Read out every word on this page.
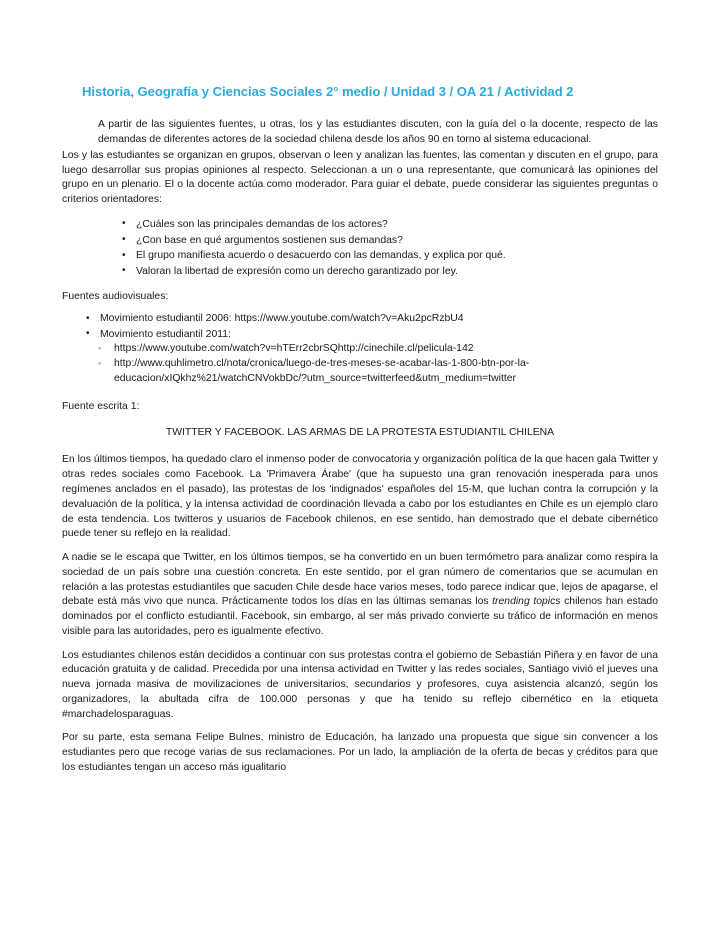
Historia, Geografía y Ciencias Sociales 2° medio / Unidad 3 / OA 21 / Actividad 2
A partir de las siguientes fuentes, u otras, los y las estudiantes discuten, con la guía del o la docente, respecto de las demandas de diferentes actores de la sociedad chilena desde los años 90 en torno al sistema educacional.

Los y las estudiantes se organizan en grupos, observan o leen y analizan las fuentes, las comentan y discuten en el grupo, para luego desarrollar sus propias opiniones al respecto. Seleccionan a un o una representante, que comunicará las opiniones del grupo en un plenario. El o la docente actúa como moderador. Para guiar el debate, puede considerar las siguientes preguntas o criterios orientadores:

• ¿Cuáles son las principales demandas de los actores?
• ¿Con base en qué argumentos sostienen sus demandas?
• El grupo manifiesta acuerdo o desacuerdo con las demandas, y explica por qué.
• Valoran la libertad de expresión como un derecho garantizado por ley.
Fuentes audiovisuales:
• Movimiento estudiantil 2006: https://www.youtube.com/watch?v=Aku2pcRzbU4
• Movimiento estudiantil 2011:
◦ https://www.youtube.com/watch?v=hTErr2cbrSQhttp://cinechile.cl/pelicula-142
◦ http://www.quhlimetro.cl/nota/cronica/luego-de-tres-meses-se-acabar-las-1-800-btn-por-la-educacion/xIQkhz%21/watchCNVokbDc/?utm_source=twitterfeed&utm_medium=twitter
Fuente escrita 1:
TWITTER Y FACEBOOK. LAS ARMAS DE LA PROTESTA ESTUDIANTIL CHILENA

En los últimos tiempos, ha quedado claro el inmenso poder de convocatoria y organización política de la que hacen gala Twitter y otras redes sociales como Facebook. La 'Primavera Árabe' (que ha supuesto una gran renovación inesperada para unos regímenes anclados en el pasado), las protestas de los 'indignados' españoles del 15-M, que luchan contra la corrupción y la devaluación de la política, y la intensa actividad de coordinación llevada a cabo por los estudiantes en Chile es un ejemplo claro de esta tendencia. Los twitteros y usuarios de Facebook chilenos, en ese sentido, han demostrado que el debate cibernético puede tener su reflejo en la realidad.

A nadie se le escapa que Twitter, en los últimos tiempos, se ha convertido en un buen termómetro para analizar como respira la sociedad de un país sobre una cuestión concreta. En este sentido, por el gran número de comentarios que se acumulan en relación a las protestas estudiantiles que sacuden Chile desde hace varios meses, todo parece indicar que, lejos de apagarse, el debate está más vivo que nunca. Prácticamente todos los días en las últimas semanas los trending topics chilenos han estado dominados por el conflicto estudiantil. Facebook, sin embargo, al ser más privado convierte su tráfico de información en menos visible para las autoridades, pero es igualmente efectivo.

Los estudiantes chilenos están decididos a continuar con sus protestas contra el gobierno de Sebastián Piñera y en favor de una educación gratuita y de calidad. Precedida por una intensa actividad en Twitter y las redes sociales, Santiago vivió el jueves una nueva jornada masiva de movilizaciones de universitarios, secundarios y profesores, cuya asistencia alcanzó, según los organizadores, la abultada cifra de 100.000 personas y que ha tenido su reflejo cibernético en la etiqueta #marchadelosparaguas.

Por su parte, esta semana Felipe Bulnes, ministro de Educación, ha lanzado una propuesta que sigue sin convencer a los estudiantes pero que recoge varias de sus reclamaciones. Por un lado, la ampliación de la oferta de becas y créditos para que los estudiantes tengan un acceso más igualitario
